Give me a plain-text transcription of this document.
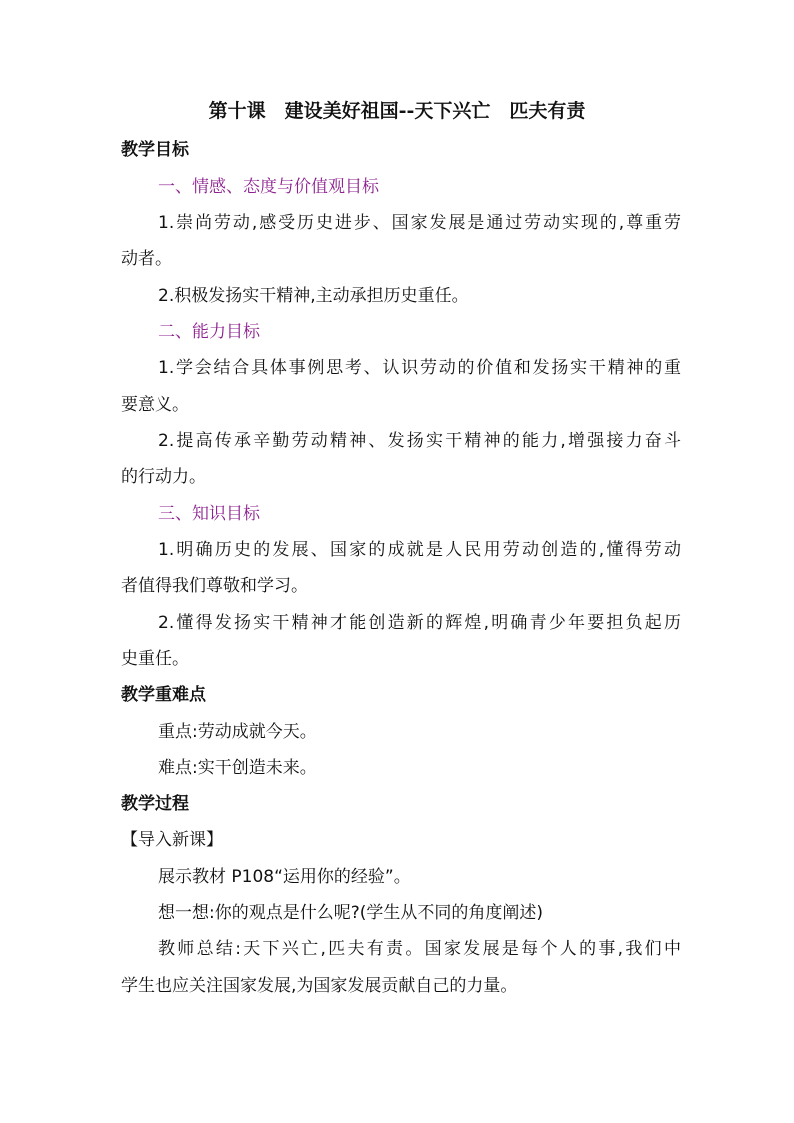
第十课　建设美好祖国--天下兴亡　匹夫有责
教学目标
一、情感、态度与价值观目标
1.崇尚劳动,感受历史进步、国家发展是通过劳动实现的,尊重劳
动者。
2.积极发扬实干精神,主动承担历史重任。
二、能力目标
1.学会结合具体事例思考、认识劳动的价值和发扬实干精神的重
要意义。
2.提高传承辛勤劳动精神、发扬实干精神的能力,增强接力奋斗
的行动力。
三、知识目标
1.明确历史的发展、国家的成就是人民用劳动创造的,懂得劳动
者值得我们尊敬和学习。
2.懂得发扬实干精神才能创造新的辉煌,明确青少年要担负起历
史重任。
教学重难点
重点:劳动成就今天。
难点:实干创造未来。
教学过程
【导入新课】
展示教材 P108“运用你的经验”。
想一想:你的观点是什么呢?(学生从不同的角度阐述)
教师总结:天下兴亡,匹夫有责。国家发展是每个人的事,我们中
学生也应关注国家发展,为国家发展贡献自己的力量。
